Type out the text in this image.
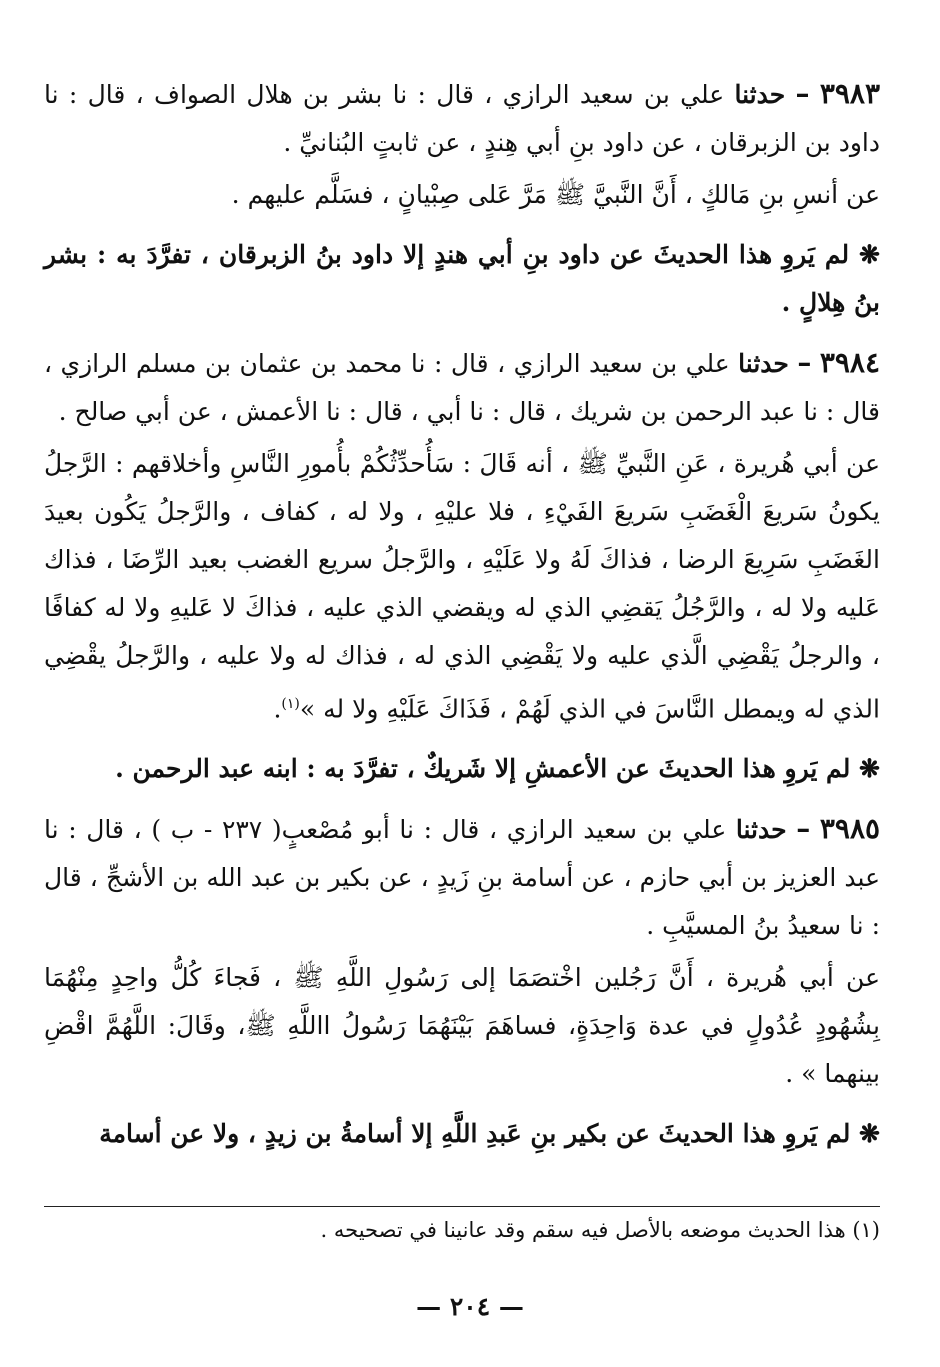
٣٩٨٣ – حدثنا علي بن سعيد الرازي ، قال : نا بشر بن هلال الصواف ، قال : نا داود بن الزبرقان ، عن داود بنِ أبي هِندٍ ، عن ثابتٍ البُنانيِّ .

عن أنسِ بنِ مَالكٍ ، أَنَّ النَّبيَّ ﷺ مَرَّ عَلى صِبْيانٍ ، فسَلَّم عليهم .

❋ لم يَروِ هذا الحديثَ عن داود بنِ أبي هندٍ إلا داود بنُ الزبرقان ، تفرَّدَ به : بشر بنُ هِلالٍ .

٣٩٨٤ – حدثنا علي بن سعيد الرازي ، قال : نا محمد بن عثمان بن مسلم الرازي ، قال : نا عبد الرحمن بن شريك ، قال : نا أبي ، قال : نا الأعمش ، عن أبي صالح .

عن أبي هُريرة ، عَنِ النَّبيِّ ﷺ ، أنه قَالَ : سَأُحدِّثُكُمْ بأُمورِ النَّاسِ وأخلاقهم : الرَّجلُ يكونُ سَريعَ الْغَضَبِ سَريعَ الفَيْءِ ، فلا عليْهِ ، ولا له ، كفاف ، والرَّجلُ يَكُون بعيدَ الغَضَبِ سَرِيعَ الرضا ، فذاكَ لَهُ ولا عَلَيْهِ ، والرَّجلُ سريع الغضب بعيد الرِّضَا ، فذاك عَليه ولا له ، والرَّجُلُ يَقضِي الذي له ويقضي الذي عليه ، فذاكَ لا عَليهِ ولا له كفافًا ، والرجلُ يَقْضِي الَّذي عليه ولا يَقْضِي الذي له ، فذاك له ولا عليه ، والرَّجلُ يقْضِي الذي له ويمطل النَّاسَ في الذي لَهُمْ ، فَذَاكَ عَلَيْهِ ولا له »$^{(١)}$.

❋ لم يَروِ هذا الحديثَ عن الأعمشِ إلا شَريكٌ ، تفرَّدَ به : ابنه عبد الرحمن .

٣٩٨٥ – حدثنا علي بن سعيد الرازي ، قال : نا أبو مُصْعبٍ( ٢٣٧ - ب ) ، قال : نا عبد العزيز بن أبي حازم ، عن أسامة بنِ زَيدٍ ، عن بكير بن عبد الله بن الأشجِّ ، قال : نا سعيدُ بنُ المسيَّبِ .

عن أبي هُريرة ، أَنَّ رَجُلين اخْتصَمَا إلى رَسُولِ اللَّهِ ﷺ ، فَجاءَ كُلُّ واحِدٍ مِنْهُمَا بِشُهُودٍ عُدُولٍ في عدة وَاحِدَةٍ، فساهَمَ بَيْنَهُمَا رَسُولُ االلَّهِ ﷺ، وقَالَ: اللَّهُمَّ اقْضِ بينهما » .

❋ لم يَروِ هذا الحديثَ عن بكير بنِ عَبدِ اللَّهِ إلا أسامةُ بن زيدٍ ، ولا عن أسامة

(١) هذا الحديث موضعه بالأصل فيه سقم وقد عانينا في تصحيحه .
— ٢٠٤ —
